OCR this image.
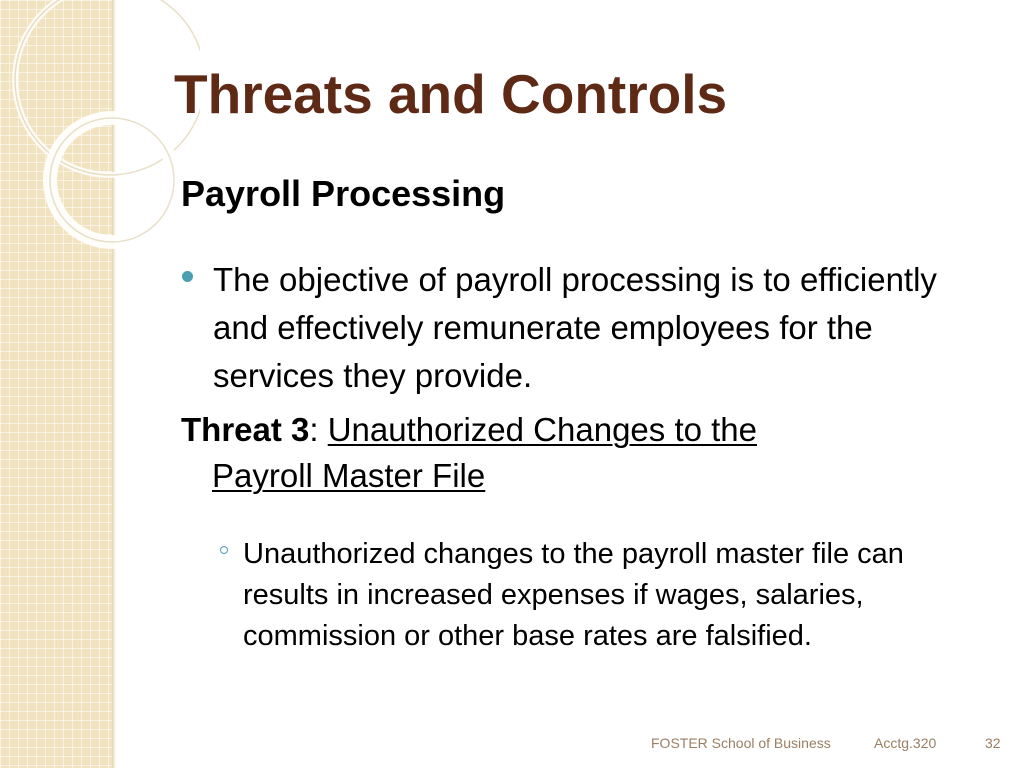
Threats and Controls
Payroll Processing
The objective of payroll processing is to efficiently and effectively remunerate employees for the services they provide.
Threat 3: Unauthorized Changes to the
Payroll Master File
Unauthorized changes to the payroll master file can results in increased expenses if wages, salaries, commission or other base rates are falsified.
FOSTER School of Business	Acctg.320	32
